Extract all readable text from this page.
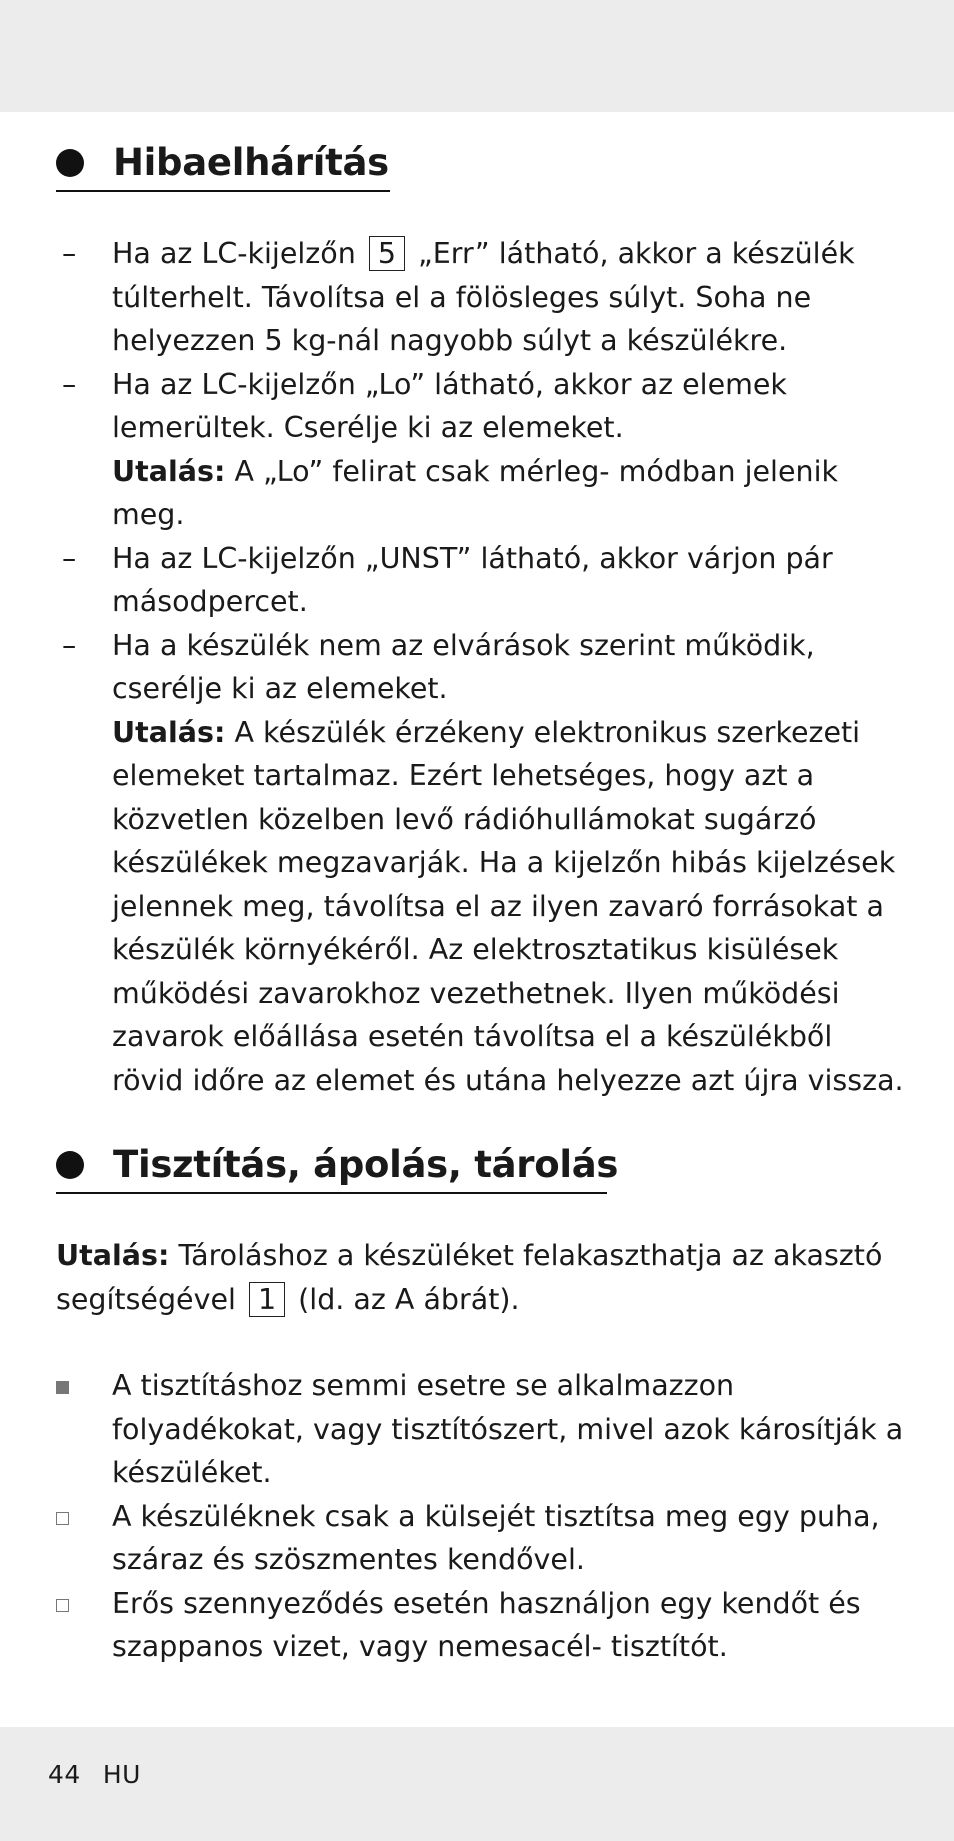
Hibaelhárítás
– Ha az LC-kijelzőn 5 „Err” látható, akkor a készülék túlterhelt. Távolítsa el a fölösleges súlyt. Soha ne helyezzen 5 kg-nál nagyobb súlyt a készülékre.
– Ha az LC-kijelzőn „Lo” látható, akkor az elemek lemerültek. Cserélje ki az elemeket.
Utalás: A „Lo” felirat csak mérleg- módban jelenik meg.
– Ha az LC-kijelzőn „UNST” látható, akkor várjon pár másodpercet.
– Ha a készülék nem az elvárások szerint működik, cserélje ki az elemeket.
Utalás: A készülék érzékeny elektronikus szerkezeti elemeket tartalmaz. Ezért lehetséges, hogy azt a közvetlen közelben levő rádióhullámokat sugárzó készülékek megzavarják. Ha a kijelzőn hibás kijelzések jelennek meg, távolítsa el az ilyen zavaró forrásokat a készülék környékéről. Az elektrosztatikus kisülések működési zavarokhoz vezethetnek. Ilyen működési zavarok előállása esetén távolítsa el a készülékből rövid időre az elemet és utána helyezze azt újra vissza.
Tisztítás, ápolás, tárolás
Utalás: Tároláshoz a készüléket felakaszthatja az akasztó segítségével 1 (ld. az A ábrát).
A tisztításhoz semmi esetre se alkalmazzon folyadékokat, vagy tisztítószert, mivel azok károsítják a készüléket.
A készüléknek csak a külsejét tisztítsa meg egy puha, száraz és szöszmentes kendővel.
Erős szennyeződés esetén használjon egy kendőt és szappanos vizet, vagy nemesacél- tisztítót.
44 HU
